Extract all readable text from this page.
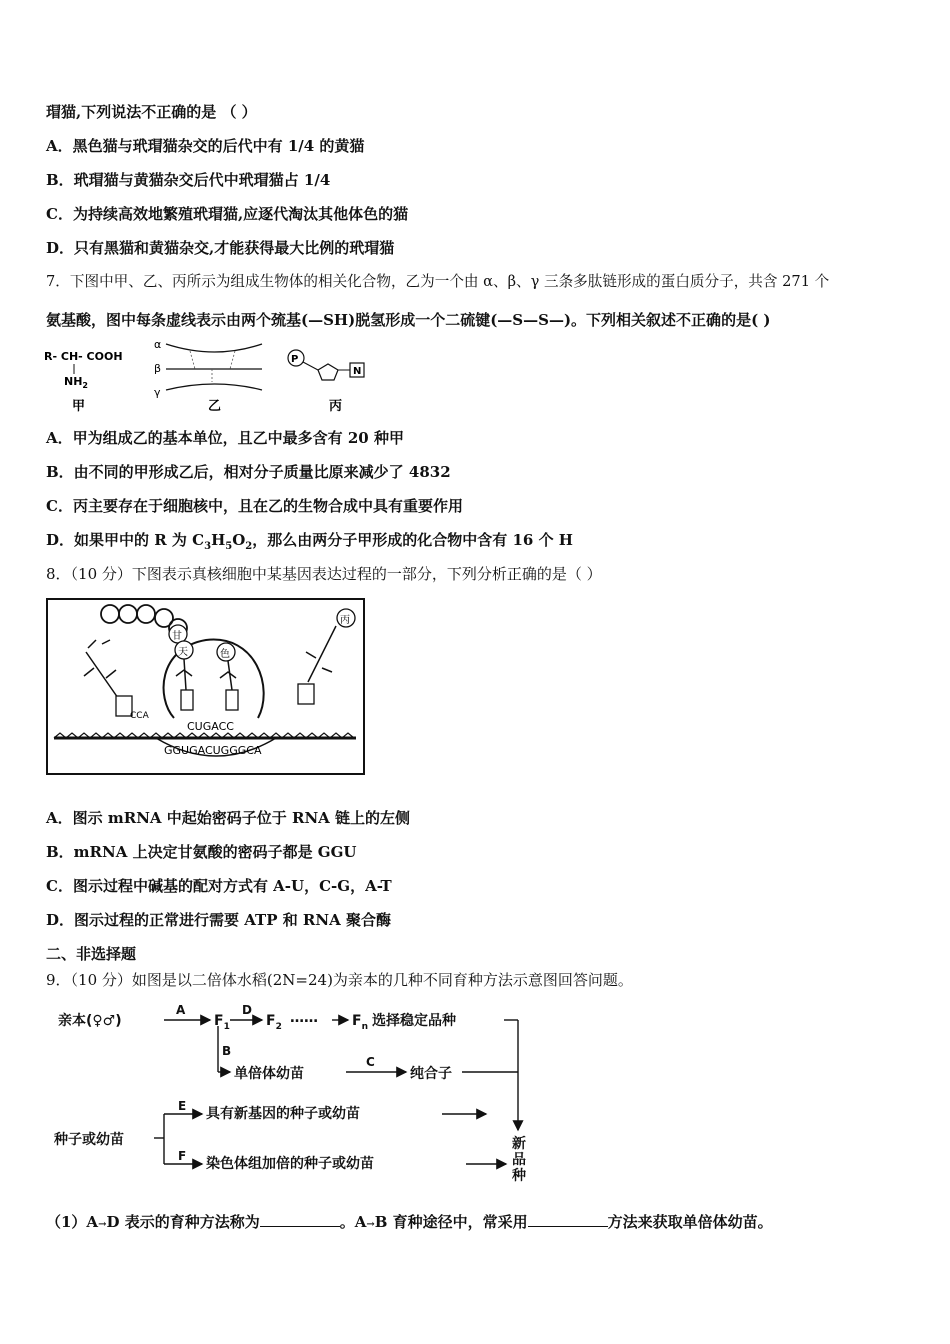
瑁猫,下列说法不正确的是 （ ）
A．黑色猫与玳瑁猫杂交的后代中有 1/4 的黄猫
B．玳瑁猫与黄猫杂交后代中玳瑁猫占 1/4
C．为持续高效地繁殖玳瑁猫,应逐代淘汰其他体色的猫
D．只有黑猫和黄猫杂交,才能获得最大比例的玳瑁猫
7．下图中甲、乙、丙所示为组成生物体的相关化合物，乙为一个由 α、β、γ 三条多肽链形成的蛋白质分子，共含 271 个
氨基酸，图中每条虚线表示由两个巯基(—SH)脱氢形成一个二硫键(—S—S—)。下列相关叙述不正确的是( )
R- CH- COOH
$NH_2$
甲
α
β
γ
乙
P
N
丙
A．甲为组成乙的基本单位，且乙中最多含有 20 种甲
B．由不同的甲形成乙后，相对分子质量比原来减少了 4832
C．丙主要存在于细胞核中，且在乙的生物合成中具有重要作用
D．如果甲中的 R 为 $C_3H_5O_2$，那么由两分子甲形成的化合物中含有 16 个 H
8．（10 分）下图表示真核细胞中某基因表达过程的一部分，下列分析正确的是（ ）
甘
天	色
丙
CCA
CUGACC
GGUGACUGGGCA
A．图示 mRNA 中起始密码子位于 RNA 链上的左侧
B．mRNA 上决定甘氨酸的密码子都是 GGU
C．图示过程中碱基的配对方式有 A-U，C-G，A-T
D．图示过程的正常进行需要 ATP 和 RNA 聚合酶
二、非选择题
9．（10 分）如图是以二倍体水稻(2N=24)为亲本的几种不同育种方法示意图回答问题。
亲本(♀♂)
A
$F_1$
D
$F_2$
…… $F_n$ 选择稳定品种
B
单倍体幼苗
C
纯合子
种子或幼苗
E 具有新基因的种子或幼苗
F 染色体组加倍的种子或幼苗
新
品
种
（1）A→D 表示的育种方法称为	。A→B 育种途径中，常采用	方法来获取单倍体幼苗。
